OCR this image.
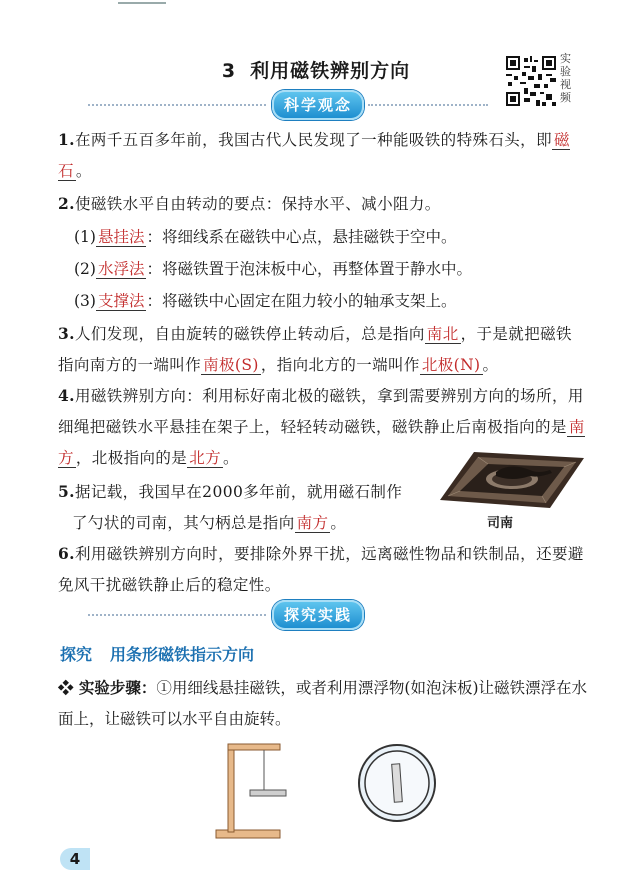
3 利用磁铁辨别方向
实验视频
科学观念
1.在两千五百多年前，我国古代人民发现了一种能吸铁的特殊石头，即 磁石 。
2.使磁铁水平自由转动的要点：保持水平、减小阻力。
(1) 悬挂法 ：将细线系在磁铁中心点，悬挂磁铁于空中。
(2) 水浮法 ：将磁铁置于泡沫板中心，再整体置于静水中。
(3) 支撑法 ：将磁铁中心固定在阻力较小的轴承支架上。
3.人们发现，自由旋转的磁铁停止转动后，总是指向 南北 ，于是就把磁铁指向南方的一端叫作 南极(S) ，指向北方的一端叫作 北极(N) 。
4.用磁铁辨别方向：利用标好南北极的磁铁，拿到需要辨别方向的场所，用细绳把磁铁水平悬挂在架子上，轻轻转动磁铁，磁铁静止后南极指向的是 南方 ，北极指向的是 北方 。
5.据记载，我国早在2000多年前，就用磁石制作
了勺状的司南，其勺柄总是指向 南方 。	司南
6.利用磁铁辨别方向时，要排除外界干扰，远离磁性物品和铁制品，还要避免风干扰磁铁静止后的稳定性。
探究实践
探究 用条形磁铁指示方向
❖ 实验步骤：①用细线悬挂磁铁，或者利用漂浮物(如泡沫板)让磁铁漂浮在水面上，让磁铁可以水平自由旋转。
4
